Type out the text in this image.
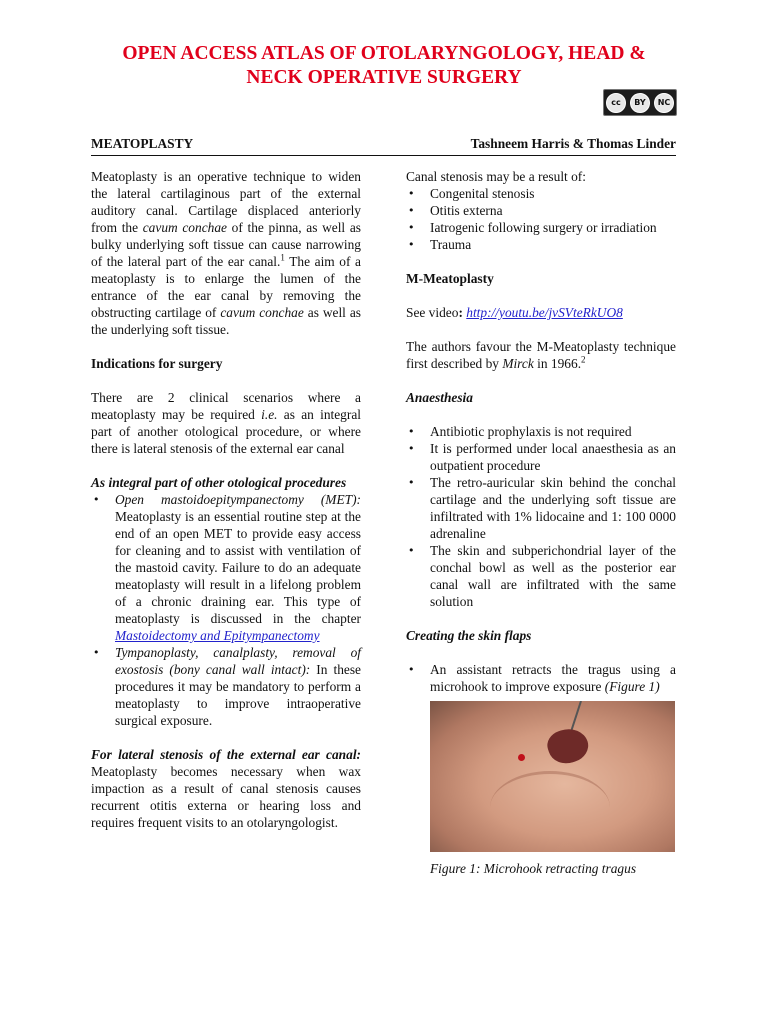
OPEN ACCESS ATLAS OF OTOLARYNGOLOGY, HEAD &
NECK OPERATIVE SURGERY
cc	BY	NC
MEATOPLASTY	Tashneem Harris & Thomas Linder

Meatoplasty is an operative technique to widen the lateral cartilaginous part of the external auditory canal. Cartilage displaced anteriorly from the cavum conchae of the pinna, as well as bulky underlying soft tissue can cause narrowing of the lateral part of the ear canal.$^1$ The aim of a meatoplasty is to enlarge the lumen of the entrance of the ear canal by removing the obstructing cartilage of cavum conchae as well as the underlying soft tissue.

Indications for surgery

There are 2 clinical scenarios where a meatoplasty may be required i.e. as an integral part of another otological procedure, or where there is lateral stenosis of the external ear canal

As integral part of other otological procedures

• Open mastoidoepitympanectomy (MET): Meatoplasty is an essential routine step at the end of an open MET to provide easy access for cleaning and to assist with ventilation of the mastoid cavity. Failure to do an adequate meatoplasty will result in a lifelong problem of a chronic draining ear. This type of meatoplasty is discussed in the chapter Mastoidectomy and Epitympanectomy
• Tympanoplasty, canalplasty, removal of exostosis (bony canal wall intact): In these procedures it may be mandatory to perform a meatoplasty to improve intraoperative surgical exposure.

For lateral stenosis of the external ear canal: Meatoplasty becomes necessary when wax impaction as a result of canal stenosis causes recurrent otitis externa or hearing loss and requires frequent visits to an otolaryngologist.

Canal stenosis may be a result of:

• Congenital stenosis
• Otitis externa
• Iatrogenic following surgery or irradiation
• Trauma

M-Meatoplasty

See video: http://youtu.be/jvSVteRkUO8

The authors favour the M-Meatoplasty technique first described by Mirck in 1966.$^2$

Anaesthesia

• Antibiotic prophylaxis is not required
• It is performed under local anaesthesia as an outpatient procedure
• The retro-auricular skin behind the conchal cartilage and the underlying soft tissue are infiltrated with 1% lidocaine and 1: 100 0000 adrenaline
• The skin and subperichondrial layer of the conchal bowl as well as the posterior ear canal wall are infiltrated with the same solution

Creating the skin flaps

• An assistant retracts the tragus using a microhook to improve exposure (Figure 1)
Figure 1: Microhook retracting tragus
